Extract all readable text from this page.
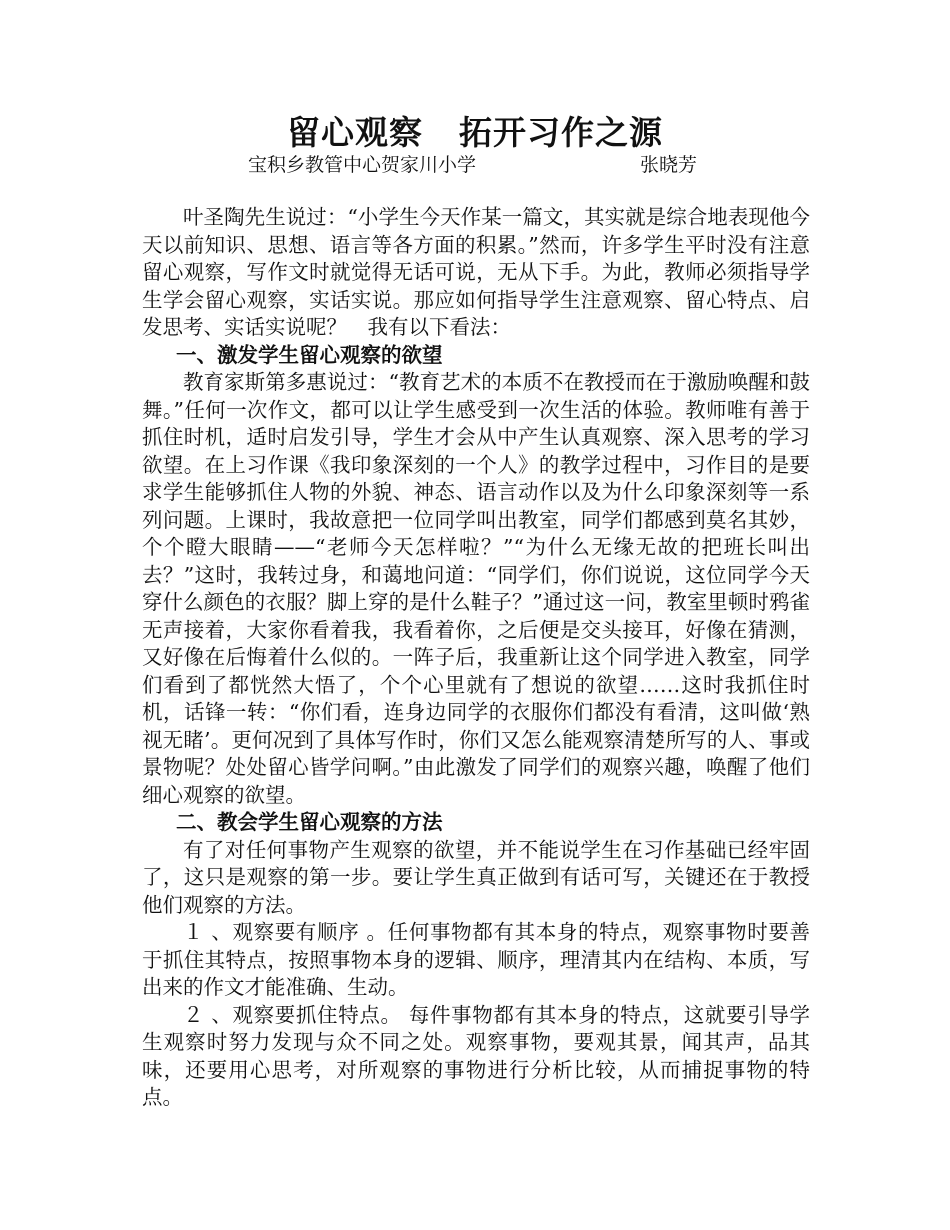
留心观察 拓开习作之源
宝积乡教管中心贺家川小学	张晓芳

叶圣陶先生说过：“小学生今天作某一篇文，其实就是综合地表现他今天以前知识、思想、语言等各方面的积累。”然而，许多学生平时没有注意留心观察，写作文时就觉得无话可说，无从下手。为此，教师必须指导学生学会留心观察，实话实说。那应如何指导学生注意观察、留心特点、启发思考、实话实说呢？　我有以下看法：

一、激发学生留心观察的欲望

教育家斯第多惠说过：“教育艺术的本质不在教授而在于激励唤醒和鼓舞。”任何一次作文，都可以让学生感受到一次生活的体验。教师唯有善于抓住时机，适时启发引导，学生才会从中产生认真观察、深入思考的学习欲望。在上习作课《我印象深刻的一个人》的教学过程中，习作目的是要求学生能够抓住人物的外貌、神态、语言动作以及为什么印象深刻等一系列问题。上课时，我故意把一位同学叫出教室，同学们都感到莫名其妙，个个瞪大眼睛——“老师今天怎样啦？”“为什么无缘无故的把班长叫出去？”这时，我转过身，和蔼地问道：“同学们，你们说说，这位同学今天穿什么颜色的衣服？脚上穿的是什么鞋子？”通过这一问，教室里顿时鸦雀无声接着，大家你看着我，我看着你，之后便是交头接耳，好像在猜测，又好像在后悔着什么似的。一阵子后，我重新让这个同学进入教室，同学们看到了都恍然大悟了，个个心里就有了想说的欲望……这时我抓住时机，话锋一转：“你们看，连身边同学的衣服你们都没有看清，这叫做‘熟视无睹’。更何况到了具体写作时，你们又怎么能观察清楚所写的人、事或景物呢？处处留心皆学问啊。”由此激发了同学们的观察兴趣，唤醒了他们细心观察的欲望。

二、教会学生留心观察的方法

有了对任何事物产生观察的欲望，并不能说学生在习作基础已经牢固了，这只是观察的第一步。要让学生真正做到有话可写，关键还在于教授他们观察的方法。

１ 、观察要有顺序 。任何事物都有其本身的特点，观察事物时要善于抓住其特点，按照事物本身的逻辑、顺序，理清其内在结构、本质，写出来的作文才能准确、生动。

２ 、观察要抓住特点。 每件事物都有其本身的特点，这就要引导学生观察时努力发现与众不同之处。观察事物，要观其景，闻其声，品其味，还要用心思考，对所观察的事物进行分析比较，从而捕捉事物的特点。
